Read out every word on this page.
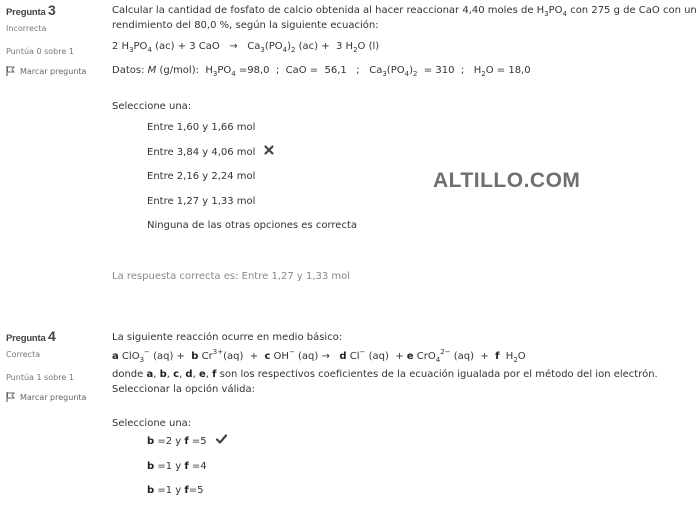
Pregunta 3
Incorrecta
Puntúa 0 sobre 1
Marcar pregunta
Calcular la cantidad de fosfato de calcio obtenida al hacer reaccionar 4,40 moles de $H_3PO_4$ con 275 g de CaO con un
rendimiento del 80,0 %, según la siguiente ecuación:
2 $H_3PO_4$ (ac) + 3 CaO   →   $Ca_3(PO_4)_2$ (ac) +  3 $H_2O$ (l)
Datos: M (g/mol):  $H_3PO_4 =98,0$  ;  CaO =  56,1   ;   $Ca_3(PO_4)_2 = 310$  ;   $H_2O = 18,0$
Seleccione una:
Entre 1,60 y 1,66 mol
Entre 3,84 y 4,06 mol
Entre 2,16 y 2,24 mol
Entre 1,27 y 1,33 mol
Ninguna de las otras opciones es correcta
La respuesta correcta es: Entre 1,27 y 1,33 mol
ALTILLO.COM
Pregunta 4
Correcta
Puntúa 1 sobre 1
Marcar pregunta
La siguiente reacción ocurre en medio básico:
a ClO$_3$− (aq) +  b $Cr^{3+}(aq) + c$ OH− (aq) →   d Cl− (aq)  + e CrO$_4^{2-}$ (aq)  +  f  $H_2O$
donde a, b, c, d, e, f son los respectivos coeficientes de la ecuación igualada por el método del ion electrón.
Seleccionar la opción válida:
Seleccione una:
b =2 y f =5
b =1 y f =4
b =1 y f=5
